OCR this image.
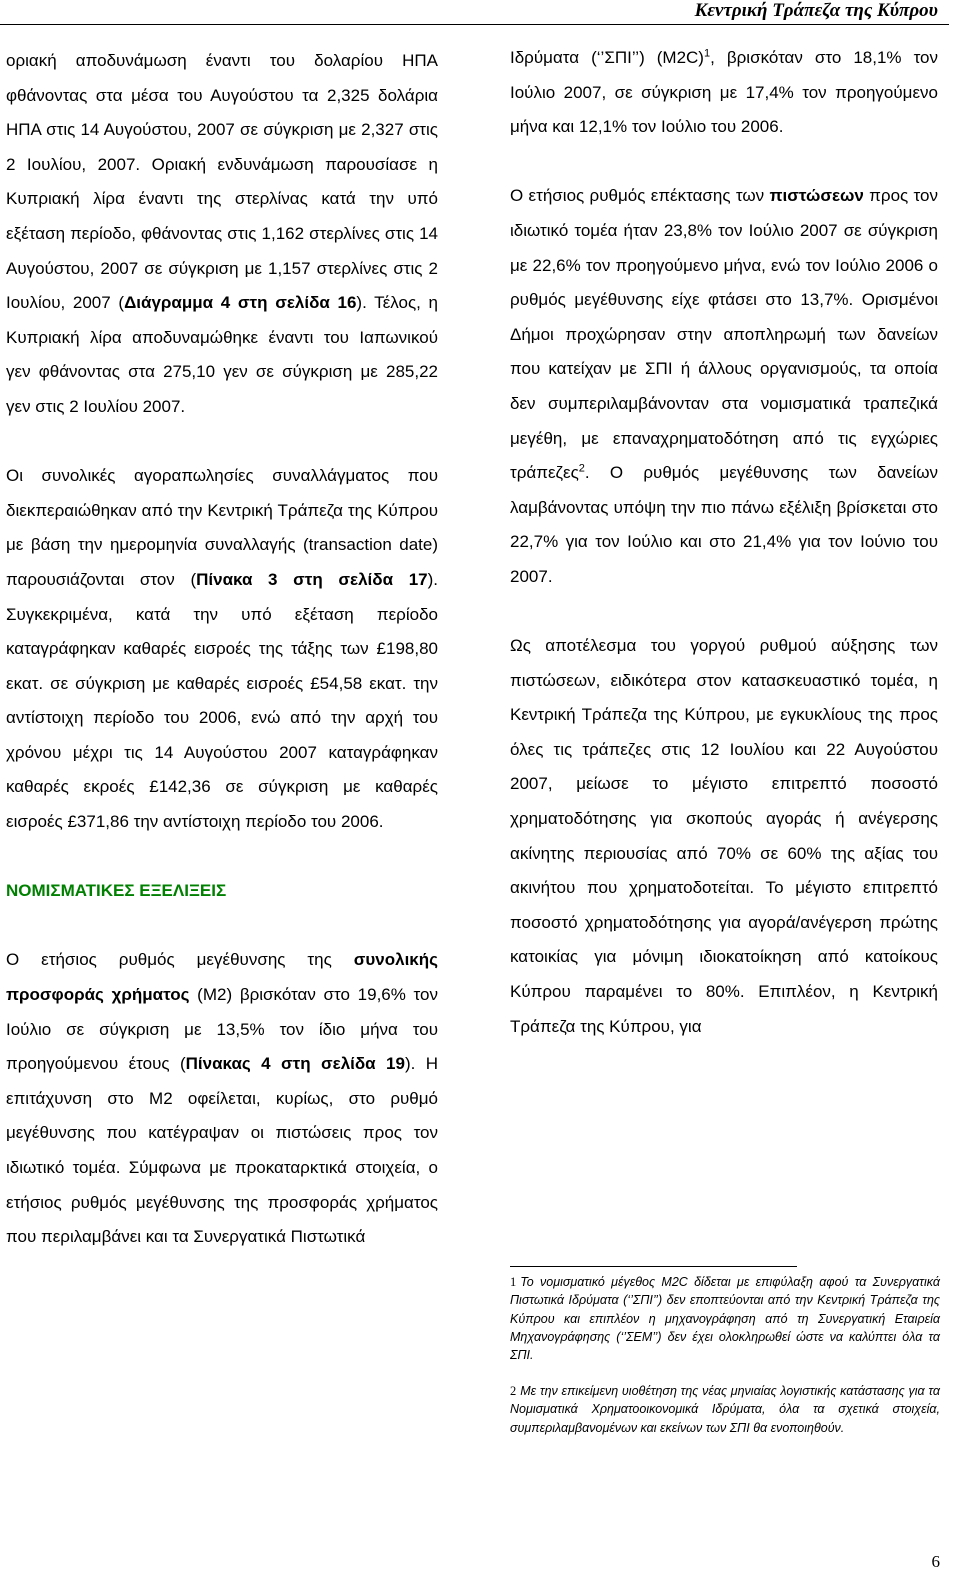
Κεντρική Τράπεζα της Κύπρου

οριακή αποδυνάμωση έναντι του δολαρίου ΗΠΑ φθάνοντας στα μέσα του Αυγούστου τα 2,325 δολάρια ΗΠΑ στις 14 Αυγούστου, 2007 σε σύγκριση με 2,327 στις 2 Ιουλίου, 2007. Οριακή ενδυνάμωση παρουσίασε η Κυπριακή λίρα έναντι της στερλίνας κατά την υπό εξέταση περίοδο, φθάνοντας στις 1,162 στερλίνες στις 14 Αυγούστου, 2007 σε σύγκριση με 1,157 στερλίνες στις 2 Ιουλίου, 2007 (Διάγραμμα 4 στη σελίδα 16). Τέλος, η Κυπριακή λίρα αποδυναμώθηκε έναντι του Ιαπωνικού γεν φθάνοντας στα 275,10 γεν σε σύγκριση με 285,22 γεν στις 2 Ιουλίου 2007.

Οι συνολικές αγοραπωλησίες συναλλάγματος που διεκπεραιώθηκαν από την Κεντρική Τράπεζα της Κύπρου με βάση την ημερομηνία συναλλαγής (transaction date) παρουσιάζονται στον (Πίνακα 3 στη σελίδα 17). Συγκεκριμένα, κατά την υπό εξέταση περίοδο καταγράφηκαν καθαρές εισροές της τάξης των £198,80 εκατ. σε σύγκριση με καθαρές εισροές £54,58 εκατ. την αντίστοιχη περίοδο του 2006, ενώ από την αρχή του χρόνου μέχρι τις 14 Αυγούστου 2007 καταγράφηκαν καθαρές εκροές £142,36 σε σύγκριση με καθαρές εισροές £371,86 την αντίστοιχη περίοδο του 2006.

ΝΟΜΙΣΜΑΤΙΚΕΣ ΕΞΕΛΙΞΕΙΣ

Ο ετήσιος ρυθμός μεγέθυνσης της συνολικής προσφοράς χρήματος (M2) βρισκόταν στο 19,6% τον Ιούλιο σε σύγκριση με 13,5% τον ίδιο μήνα του προηγούμενου έτους (Πίνακας 4 στη σελίδα 19). Η επιτάχυνση στο Μ2 οφείλεται, κυρίως, στο ρυθμό μεγέθυνσης που κατέγραψαν οι πιστώσεις προς τον ιδιωτικό τομέα. Σύμφωνα με προκαταρκτικά στοιχεία, ο ετήσιος ρυθμός μεγέθυνσης της προσφοράς χρήματος που περιλαμβάνει και τα Συνεργατικά Πιστωτικά

Ιδρύματα (‘’ΣΠΙ’’) $(M2C)^1$, βρισκόταν στο 18,1% τον Ιούλιο 2007, σε σύγκριση με 17,4% τον προηγούμενο μήνα και 12,1% τον Ιούλιο του 2006.

Ο ετήσιος ρυθμός επέκτασης των πιστώσεων προς τον ιδιωτικό τομέα ήταν 23,8% τον Ιούλιο 2007 σε σύγκριση με 22,6% τον προηγούμενο μήνα, ενώ τον Ιούλιο 2006 ο ρυθμός μεγέθυνσης είχε φτάσει στο 13,7%. Ορισμένοι Δήμοι προχώρησαν στην αποπληρωμή των δανείων που κατείχαν με ΣΠΙ ή άλλους οργανισμούς, τα οποία δεν συμπεριλαμβάνονταν στα νομισματικά τραπεζικά μεγέθη, με επαναχρηματοδότηση από τις εγχώριες τράπεζες$^2$. Ο ρυθμός μεγέθυνσης των δανείων λαμβάνοντας υπόψη την πιο πάνω εξέλιξη βρίσκεται στο 22,7% για τον Ιούλιο και στο 21,4% για τον Ιούνιο του 2007.

Ως αποτέλεσμα του γοργού ρυθμού αύξησης των πιστώσεων, ειδικότερα στον κατασκευαστικό τομέα, η Κεντρική Τράπεζα της Κύπρου, με εγκυκλίους της προς όλες τις τράπεζες στις 12 Ιουλίου και 22 Αυγούστου 2007, μείωσε το μέγιστο επιτρεπτό ποσοστό χρηματοδότησης για σκοπούς αγοράς ή ανέγερσης ακίνητης περιουσίας από 70% σε 60% της αξίας του ακινήτου που χρηματοδοτείται. Το μέγιστο επιτρεπτό ποσοστό χρηματοδότησης για αγορά/ανέγερση πρώτης κατοικίας για μόνιμη ιδιοκατοίκηση από κατοίκους Κύπρου παραμένει το 80%. Επιπλέον, η Κεντρική Τράπεζα της Κύπρου, για

1 Το νομισματικό μέγεθος M2C δίδεται με επιφύλαξη αφού τα Συνεργατικά Πιστωτικά Ιδρύματα (‘’ΣΠΙ’’) δεν εποπτεύονται από την Κεντρική Τράπεζα της Κύπρου και επιπλέον η μηχανογράφηση από τη Συνεργατική Εταιρεία Μηχανογράφησης (‘’ΣΕΜ’’) δεν έχει ολοκληρωθεί ώστε να καλύπτει όλα τα ΣΠΙ.
2 Με την επικείμενη υιοθέτηση της νέας μηνιαίας λογιστικής κατάστασης για τα Νομισματικά Χρηματοοικονομικά Ιδρύματα, όλα τα σχετικά στοιχεία, συμπεριλαμβανομένων και εκείνων των ΣΠΙ θα ενοποιηθούν.
6
